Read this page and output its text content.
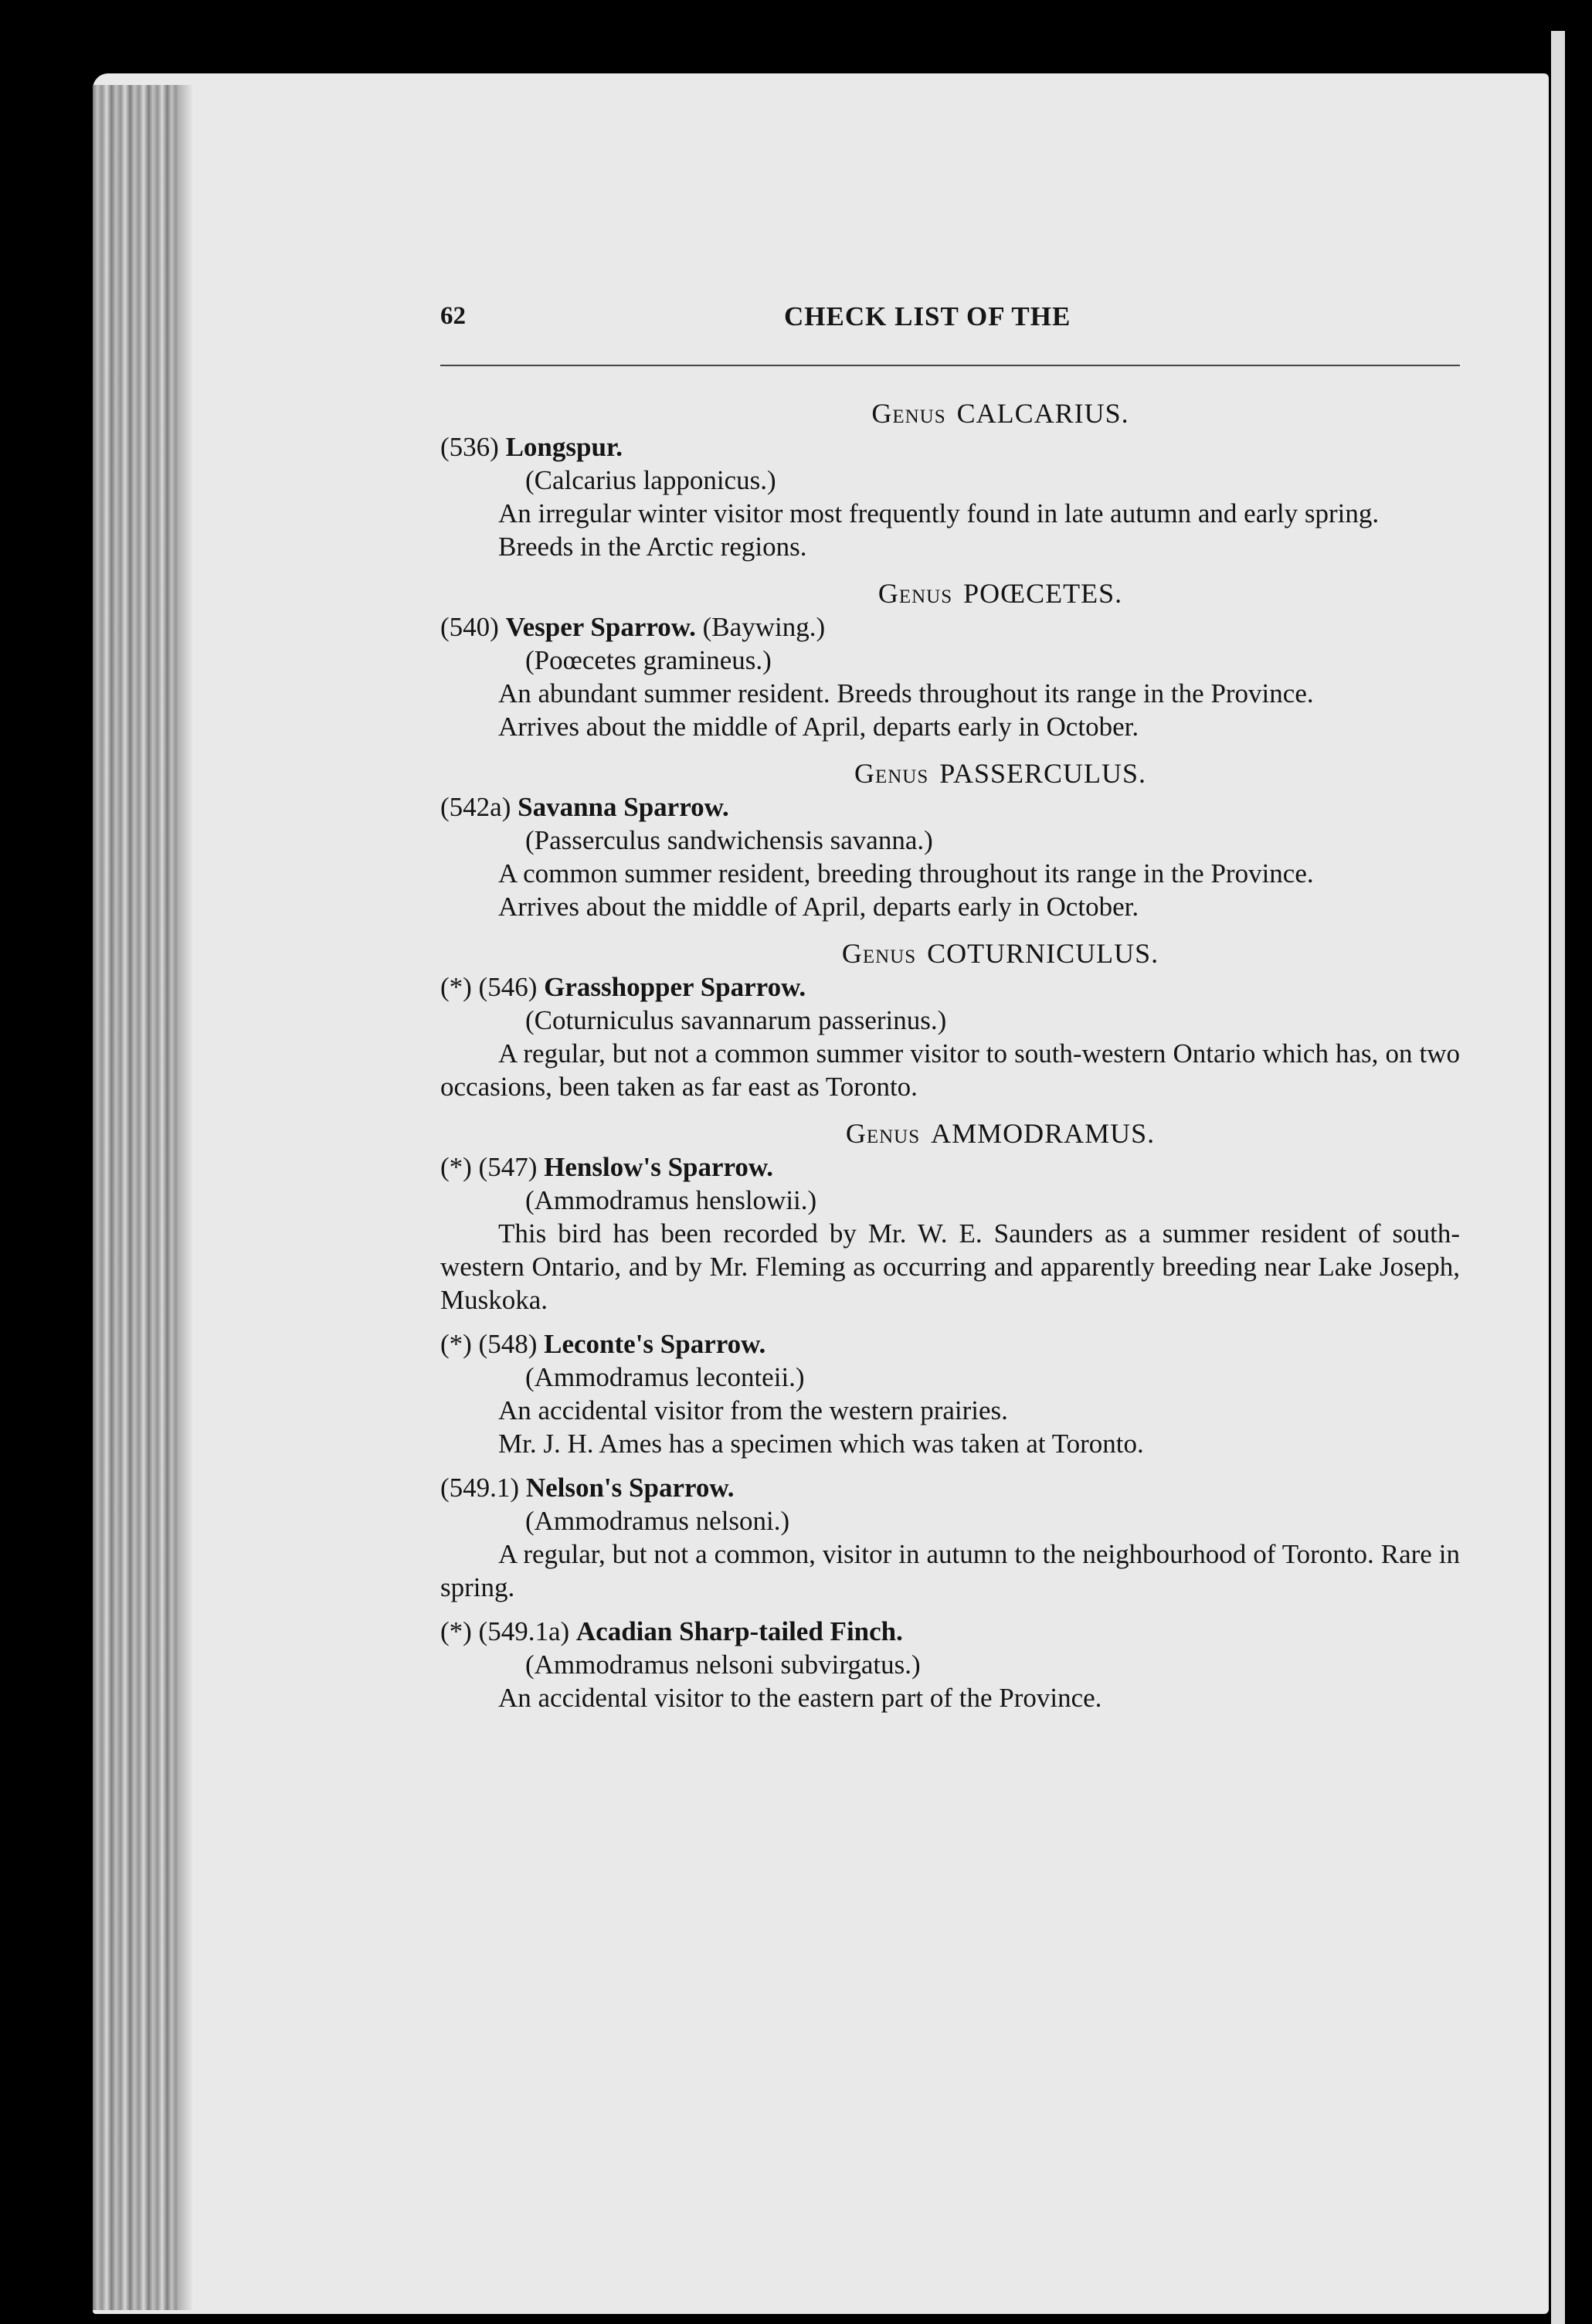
62	CHECK LIST OF THE
Genus CALCARIUS.
(536) Longspur.
(Calcarius lapponicus.)

An irregular winter visitor most frequently found in late autumn and early spring.

Breeds in the Arctic regions.

Genus POŒCETES.
(540) Vesper Sparrow. (Baywing.)
(Poœcetes gramineus.)

An abundant summer resident. Breeds throughout its range in the Province.

Arrives about the middle of April, departs early in October.

Genus PASSERCULUS.
(542a) Savanna Sparrow.
(Passerculus sandwichensis savanna.)

A common summer resident, breeding throughout its range in the Province.

Arrives about the middle of April, departs early in October.

Genus COTURNICULUS.
(*) (546) Grasshopper Sparrow.
(Coturniculus savannarum passerinus.)

A regular, but not a common summer visitor to south-western Ontario which has, on two occasions, been taken as far east as Toronto.

Genus AMMODRAMUS.
(*) (547) Henslow's Sparrow.
(Ammodramus henslowii.)

This bird has been recorded by Mr. W. E. Saunders as a summer resident of south-western Ontario, and by Mr. Fleming as occurring and apparently breeding near Lake Joseph, Muskoka.

(*) (548) Leconte's Sparrow.
(Ammodramus leconteii.)

An accidental visitor from the western prairies.

Mr. J. H. Ames has a specimen which was taken at Toronto.

(549.1) Nelson's Sparrow.
(Ammodramus nelsoni.)

A regular, but not a common, visitor in autumn to the neighbourhood of Toronto. Rare in spring.

(*) (549.1a) Acadian Sharp-tailed Finch.
(Ammodramus nelsoni subvirgatus.)

An accidental visitor to the eastern part of the Province.
